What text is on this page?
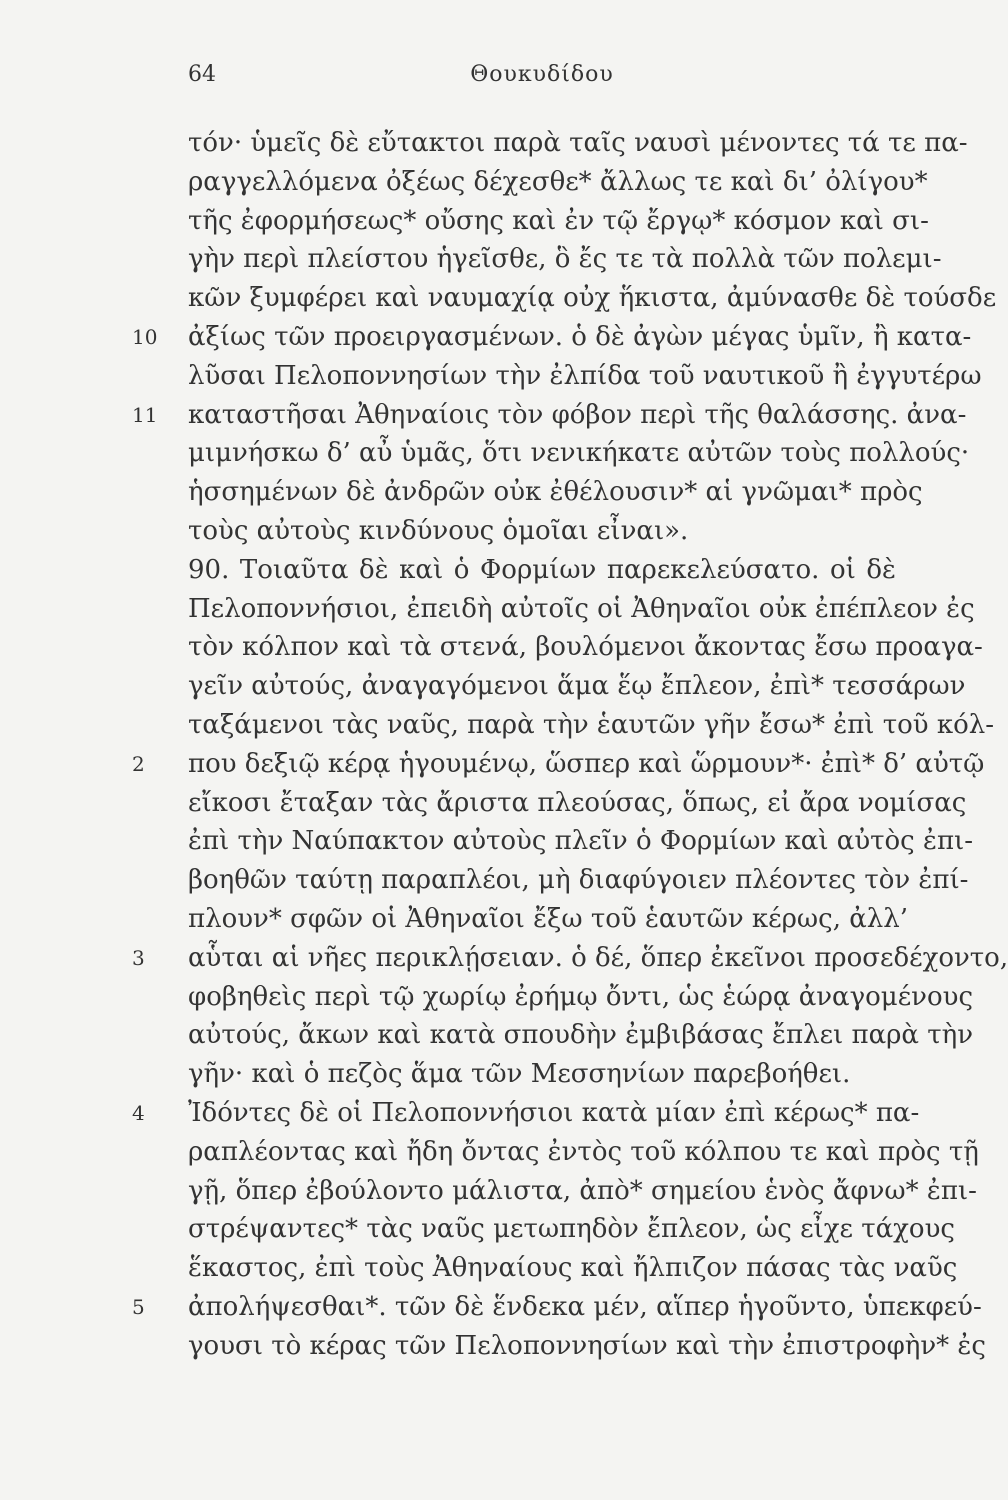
64	Θουκυδίδου
τόν· ὑμεῖς δὲ εὔτακτοι παρὰ ταῖς ναυσὶ μένοντες τά τε πα-
ραγγελλόμενα ὀξέως δέχεσθε* ἄλλως τε καὶ δι’ ὀλίγου*
τῆς ἐφορμήσεως* οὔσης καὶ ἐν τῷ ἔργῳ* κόσμον καὶ σι-
γὴν περὶ πλείστου ἡγεῖσθε, ὃ ἔς τε τὰ πολλὰ τῶν πολεμι-
κῶν ξυμφέρει καὶ ναυμαχίᾳ οὐχ ἥκιστα, ἀμύνασθε δὲ τούσδε
10	ἀξίως τῶν προειργασμένων. ὁ δὲ ἀγὼν μέγας ὑμῖν, ἢ κατα-
λῦσαι Πελοποννησίων τὴν ἐλπίδα τοῦ ναυτικοῦ ἢ ἐγγυτέρω
11	καταστῆσαι Ἀθηναίοις τὸν φόβον περὶ τῆς θαλάσσης. ἀνα-
μιμνήσκω δ’ αὖ ὑμᾶς, ὅτι νενικήκατε αὐτῶν τοὺς πολλούς·
ἡσσημένων δὲ ἀνδρῶν οὐκ ἐθέλουσιν* αἱ γνῶμαι* πρὸς
τοὺς αὐτοὺς κινδύνους ὁμοῖαι εἶναι».
90. Τοιαῦτα δὲ καὶ ὁ Φορμίων παρεκελεύσατο. οἱ δὲ
Πελοποννήσιοι, ἐπειδὴ αὐτοῖς οἱ Ἀθηναῖοι οὐκ ἐπέπλεον ἐς
τὸν κόλπον καὶ τὰ στενά, βουλόμενοι ἄκοντας ἔσω προαγα-
γεῖν αὐτούς, ἀναγαγόμενοι ἅμα ἕῳ ἔπλεον, ἐπὶ* τεσσάρων
ταξάμενοι τὰς ναῦς, παρὰ τὴν ἑαυτῶν γῆν ἔσω* ἐπὶ τοῦ κόλ-
2	που δεξιῷ κέρᾳ ἡγουμένῳ, ὥσπερ καὶ ὥρμουν*· ἐπὶ* δ’ αὐτῷ
εἴκοσι ἔταξαν τὰς ἄριστα πλεούσας, ὅπως, εἰ ἄρα νομίσας
ἐπὶ τὴν Ναύπακτον αὐτοὺς πλεῖν ὁ Φορμίων καὶ αὐτὸς ἐπι-
βοηθῶν ταύτῃ παραπλέοι, μὴ διαφύγοιεν πλέοντες τὸν ἐπί-
πλουν* σφῶν οἱ Ἀθηναῖοι ἔξω τοῦ ἑαυτῶν κέρως, ἀλλ’
3	αὗται αἱ νῆες περικλῄσειαν. ὁ δέ, ὅπερ ἐκεῖνοι προσεδέχοντο,
φοβηθεὶς περὶ τῷ χωρίῳ ἐρήμῳ ὄντι, ὡς ἑώρᾳ ἀναγομένους
αὐτούς, ἄκων καὶ κατὰ σπουδὴν ἐμβιβάσας ἔπλει παρὰ τὴν
γῆν· καὶ ὁ πεζὸς ἅμα τῶν Μεσσηνίων παρεβοήθει.
4	Ἰδόντες δὲ οἱ Πελοποννήσιοι κατὰ μίαν ἐπὶ κέρως* πα-
ραπλέοντας καὶ ἤδη ὄντας ἐντὸς τοῦ κόλπου τε καὶ πρὸς τῇ
γῇ, ὅπερ ἐβούλοντο μάλιστα, ἀπὸ* σημείου ἑνὸς ἄφνω* ἐπι-
στρέψαντες* τὰς ναῦς μετωπηδὸν ἔπλεον, ὡς εἶχε τάχους
ἕκαστος, ἐπὶ τοὺς Ἀθηναίους καὶ ἤλπιζον πάσας τὰς ναῦς
5	ἀπολήψεσθαι*. τῶν δὲ ἕνδεκα μέν, αἵπερ ἡγοῦντο, ὑπεκφεύ-
γουσι τὸ κέρας τῶν Πελοποννησίων καὶ τὴν ἐπιστροφὴν* ἐς
